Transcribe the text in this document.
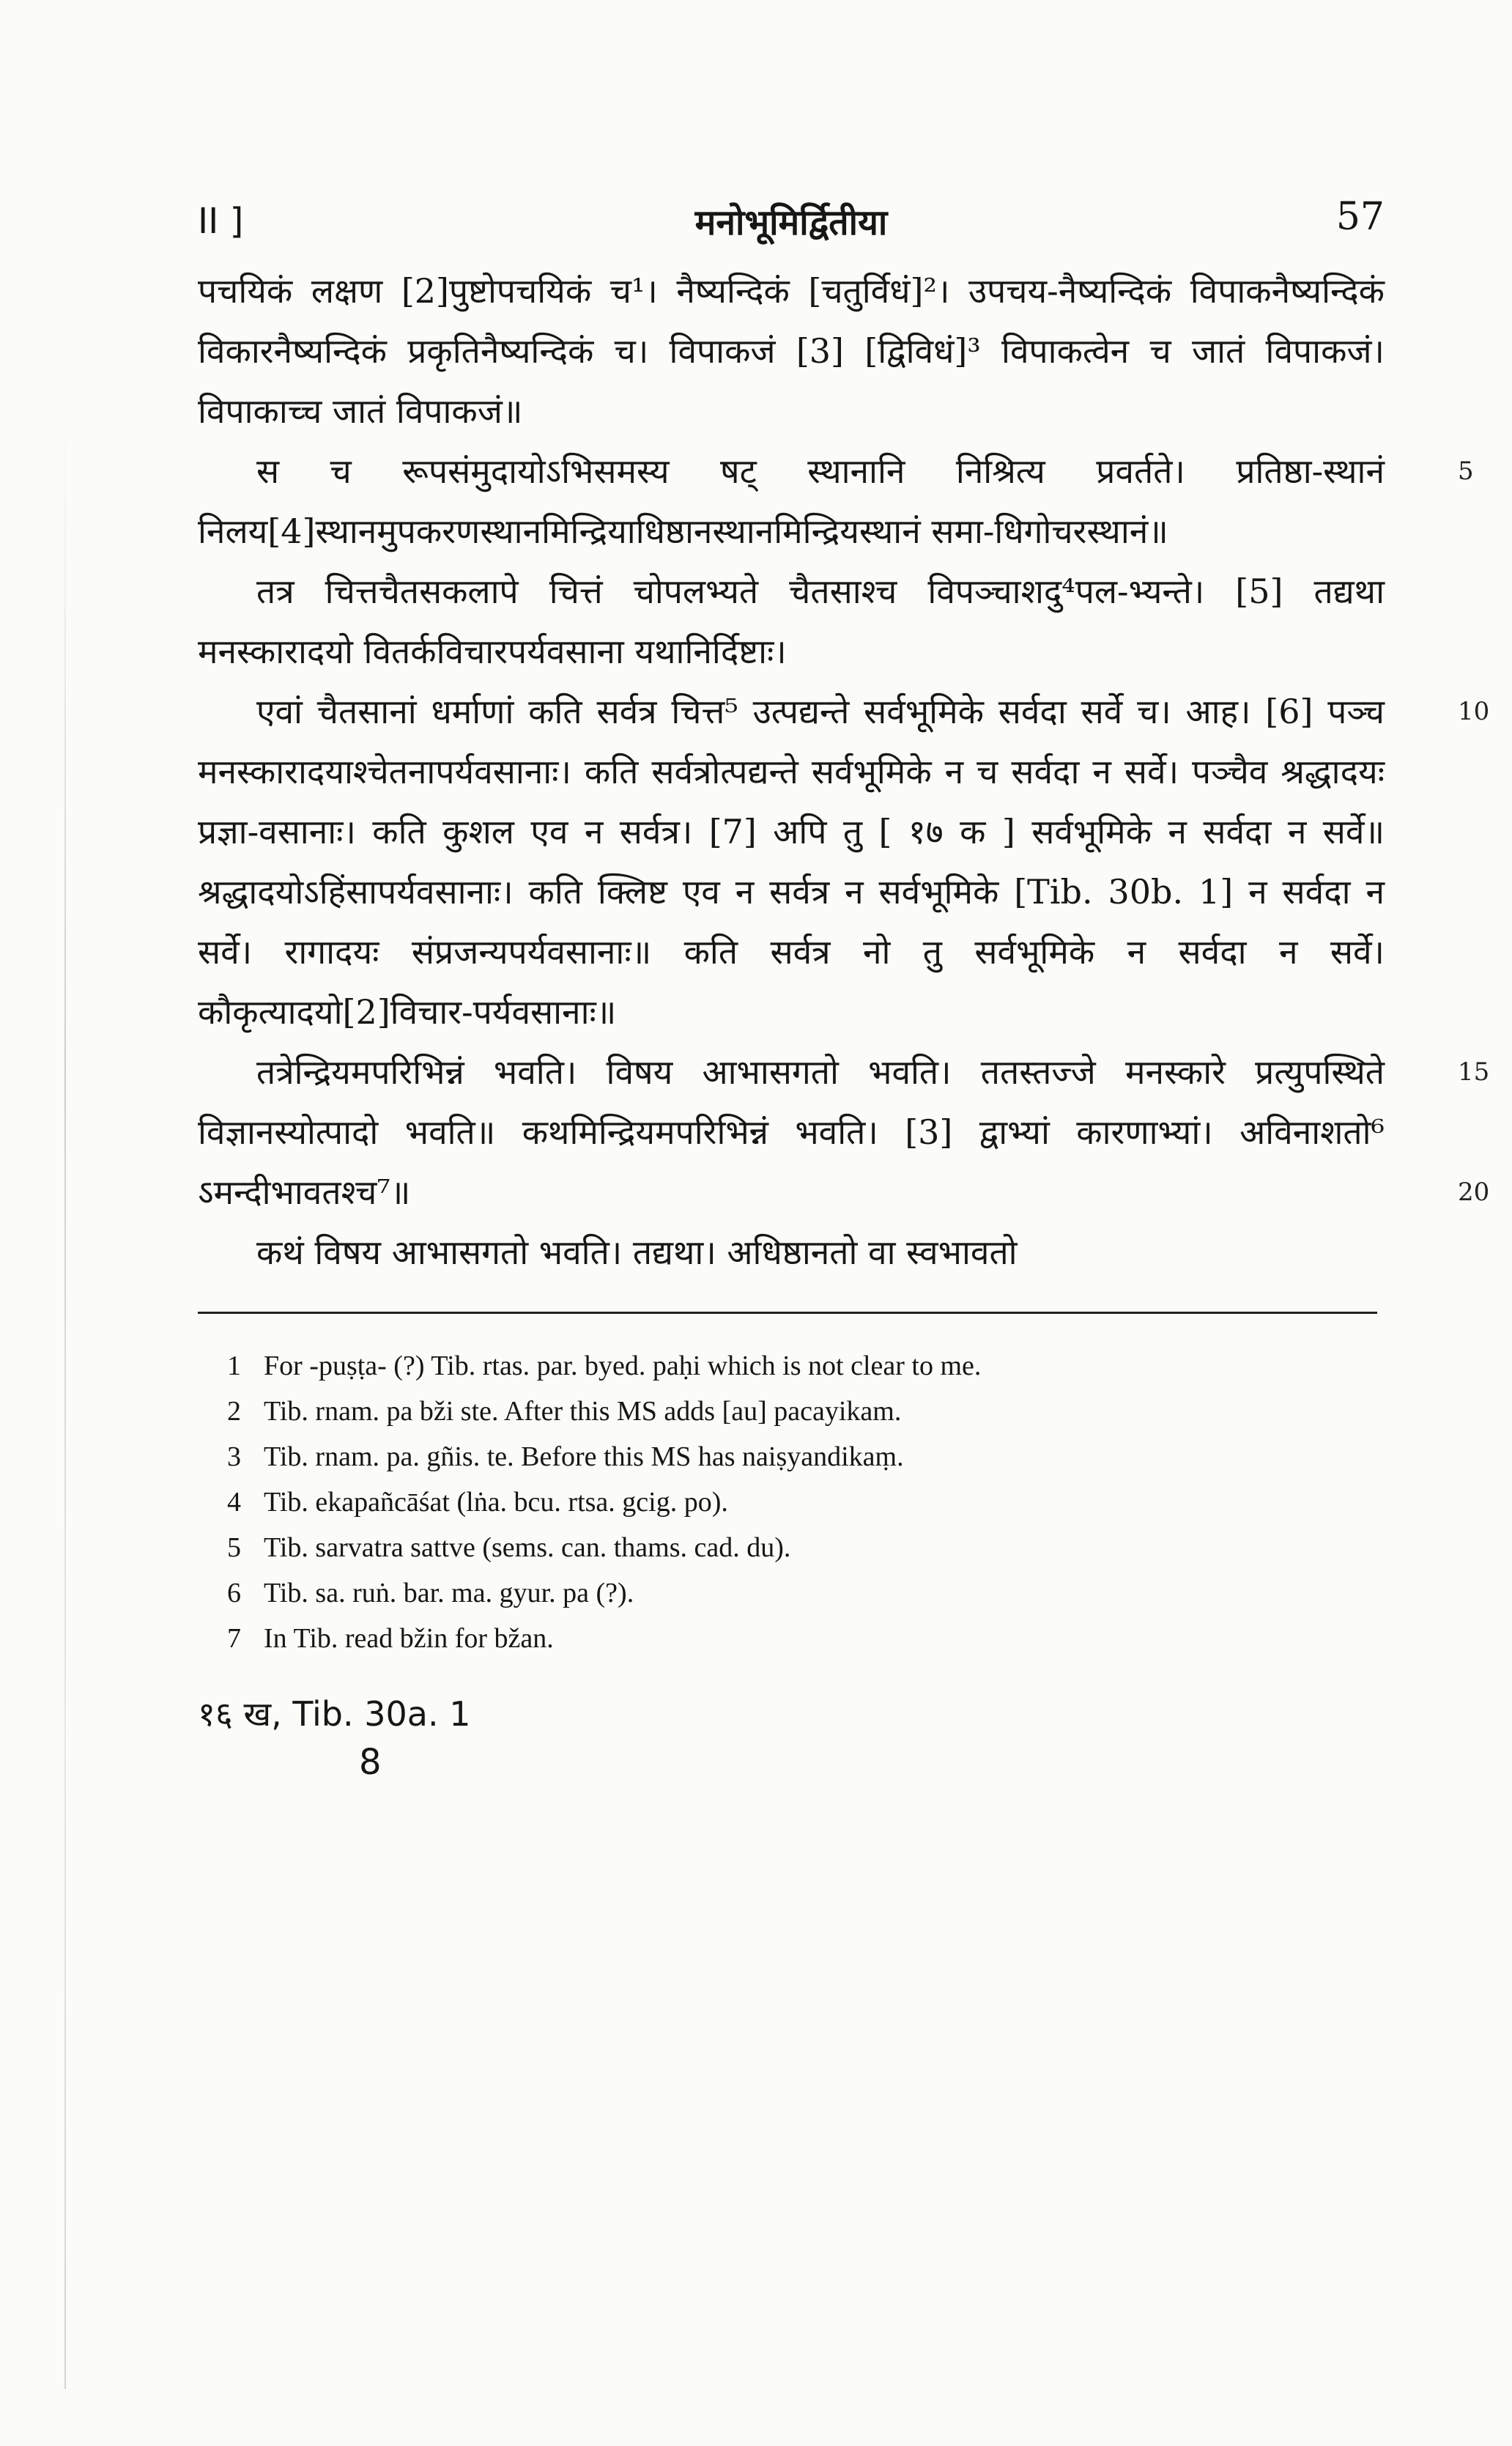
II ]	मनोभूमिर्द्वितीया	57

पचयिकं लक्षण [2]पुष्टोपचयिकं च¹। नैष्यन्दिकं [चतुर्विधं]²। उपचय-नैष्यन्दिकं विपाकनैष्यन्दिकं विकारनैष्यन्दिकं प्रकृतिनैष्यन्दिकं च। विपाकजं [3] [द्विविधं]³ विपाकत्वेन च जातं विपाकजं। विपाकाच्च जातं विपाकजं॥

स च रूपसंमुदायोऽभिसमस्य षट् स्थानानि निश्रित्य प्रवर्तते। प्रतिष्ठा-स्थानं निलय[4]स्थानमुपकरणस्थानमिन्द्रियाधिष्ठानस्थानमिन्द्रियस्थानं समा-धिगोचरस्थानं॥
5

तत्र चित्तचैतसकलापे चित्तं चोपलभ्यते चैतसाश्च विपञ्चाशदु⁴पल-भ्यन्ते। [5] तद्यथा मनस्कारादयो वितर्कविचारपर्यवसाना यथानिर्दिष्टाः।

एवां चैतसानां धर्माणां कति सर्वत्र चित्त⁵ उत्पद्यन्ते सर्वभूमिके सर्वदा सर्वे च। आह। [6] पञ्च मनस्कारादयाश्चेतनापर्यवसानाः। कति सर्वत्रोत्पद्यन्ते सर्वभूमिके न च सर्वदा न सर्वे। पञ्चैव श्रद्धादयः प्रज्ञा-वसानाः। कति कुशल एव न सर्वत्र। [7] अपि तु [ १७ क ] सर्वभूमिके न सर्वदा न सर्वे॥ श्रद्धादयोऽहिंसापर्यवसानाः। कति क्लिष्ट एव न सर्वत्र न सर्वभूमिके [Tib. 30b. 1] न सर्वदा न सर्वे। रागादयः संप्रजन्यपर्यवसानाः॥ कति सर्वत्र नो तु सर्वभूमिके न सर्वदा न सर्वे। कौकृत्यादयो[2]विचार-पर्यवसानाः॥
10
15

तत्रेन्द्रियमपरिभिन्नं भवति। विषय आभासगतो भवति। ततस्तज्जे मनस्कारे प्रत्युपस्थिते विज्ञानस्योत्पादो भवति॥ कथमिन्द्रियमपरिभिन्नं भवति। [3] द्वाभ्यां कारणाभ्यां। अविनाशतो⁶ ऽमन्दीभावतश्च⁷॥	20

कथं विषय आभासगतो भवति। तद्यथा। अधिष्ठानतो वा स्वभावतो

1 For -puṣṭa- (?) Tib. rtas. par. byed. paḥi which is not clear to me.

2 Tib. rnam. pa bži ste. After this MS adds [au] pacayikam.

3 Tib. rnam. pa. gñis. te. Before this MS has naiṣyandikaṃ.

4 Tib. ekapañcāśat (lṅa. bcu. rtsa. gcig. po).

5 Tib. sarvatra sattve (sems. can. thams. cad. du).

6 Tib. sa. ruṅ. bar. ma. gyur. pa (?).

7 In Tib. read bžin for bžan.

१६ ख, Tib. 30a. 1
8
